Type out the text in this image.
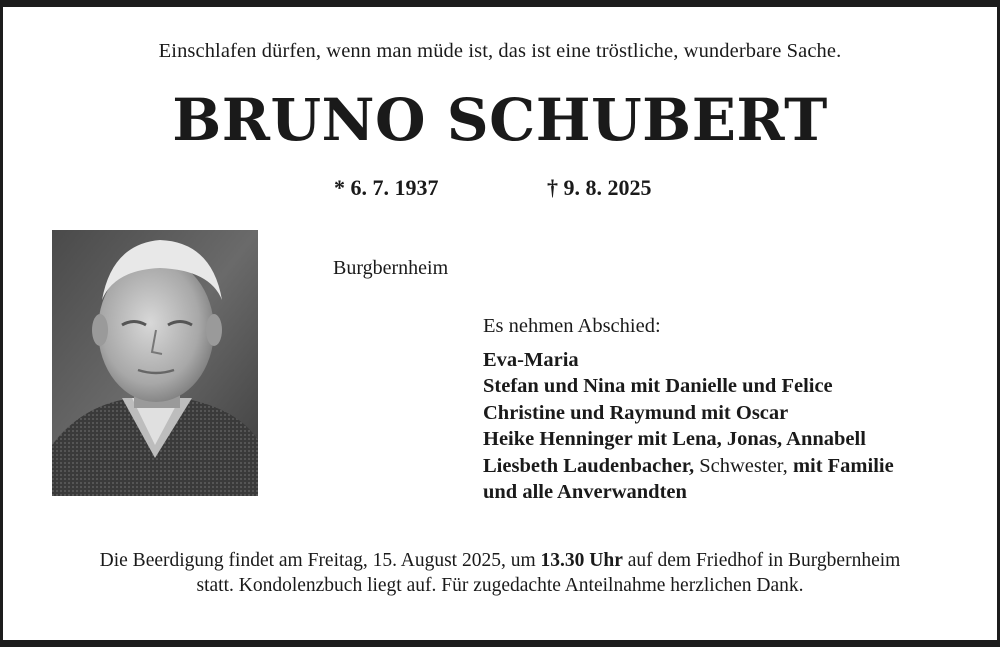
Einschlafen dürfen, wenn man müde ist, das ist eine tröstliche, wunderbare Sache.
BRUNO SCHUBERT
* 6. 7. 1937	† 9. 8. 2025
Burgbernheim
Es nehmen Abschied:
Eva-Maria
Stefan und Nina mit Danielle und Felice
Christine und Raymund mit Oscar
Heike Henninger mit Lena, Jonas, Annabell
Liesbeth Laudenbacher, Schwester, mit Familie
und alle Anverwandten
Die Beerdigung findet am Freitag, 15. August 2025, um 13.30 Uhr auf dem Friedhof in Burgbernheim
statt. Kondolenzbuch liegt auf. Für zugedachte Anteilnahme herzlichen Dank.
